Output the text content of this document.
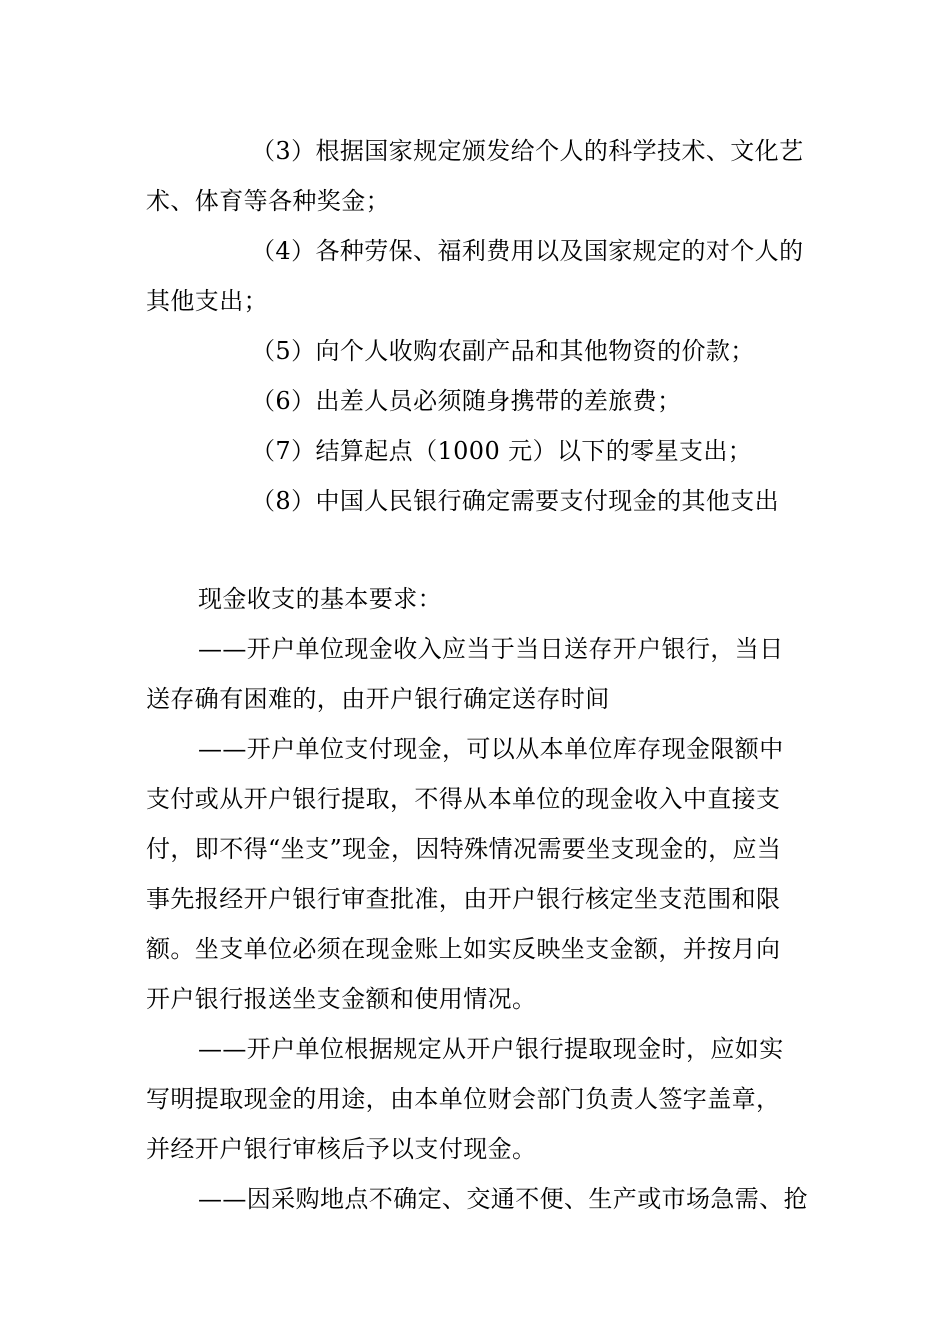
（3）根据国家规定颁发给个人的科学技术、文化艺
术、体育等各种奖金；
（4）各种劳保、福利费用以及国家规定的对个人的
其他支出；
（5）向个人收购农副产品和其他物资的价款；
（6）出差人员必须随身携带的差旅费；
（7）结算起点（1000 元）以下的零星支出；
（8）中国人民银行确定需要支付现金的其他支出
现金收支的基本要求：
——开户单位现金收入应当于当日送存开户银行，当日
送存确有困难的，由开户银行确定送存时间
——开户单位支付现金，可以从本单位库存现金限额中
支付或从开户银行提取，不得从本单位的现金收入中直接支
付，即不得“坐支”现金，因特殊情况需要坐支现金的，应当
事先报经开户银行审查批准，由开户银行核定坐支范围和限
额。坐支单位必须在现金账上如实反映坐支金额，并按月向
开户银行报送坐支金额和使用情况。
——开户单位根据规定从开户银行提取现金时，应如实
写明提取现金的用途，由本单位财会部门负责人签字盖章，
并经开户银行审核后予以支付现金。
——因采购地点不确定、交通不便、生产或市场急需、抢
